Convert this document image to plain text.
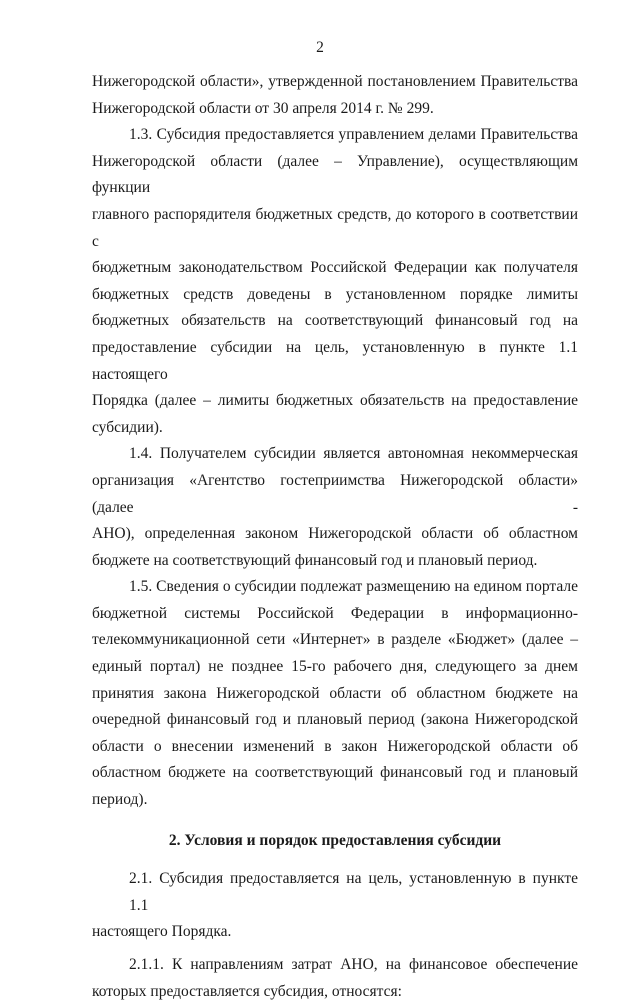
2

Нижегородской области», утвержденной постановлением Правительства
Нижегородской области от 30 апреля 2014 г. № 299.

1.3. Субсидия предоставляется управлением делами Правительства
Нижегородской области (далее – Управление), осуществляющим функции
главного распорядителя бюджетных средств, до которого в соответствии с
бюджетным законодательством Российской Федерации как получателя
бюджетных средств доведены в установленном порядке лимиты
бюджетных обязательств на соответствующий финансовый год на
предоставление субсидии на цель, установленную в пункте 1.1 настоящего
Порядка (далее – лимиты бюджетных обязательств на предоставление
субсидии).

1.4. Получателем субсидии является автономная некоммерческая
организация «Агентство гостеприимства Нижегородской области» (далее -
АНО), определенная законом Нижегородской области об областном
бюджете на соответствующий финансовый год и плановый период.

1.5. Сведения о субсидии подлежат размещению на едином портале
бюджетной системы Российской Федерации в информационно-
телекоммуникационной сети «Интернет» в разделе «Бюджет» (далее –
единый портал) не позднее 15-го рабочего дня, следующего за днем
принятия закона Нижегородской области об областном бюджете на
очередной финансовый год и плановый период (закона Нижегородской
области о внесении изменений в закон Нижегородской области об
областном бюджете на соответствующий финансовый год и плановый
период).

2. Условия и порядок предоставления субсидии

2.1. Субсидия предоставляется на цель, установленную в пункте 1.1
настоящего Порядка.

2.1.1. К направлениям затрат АНО, на финансовое обеспечение
которых предоставляется субсидия, относятся:
